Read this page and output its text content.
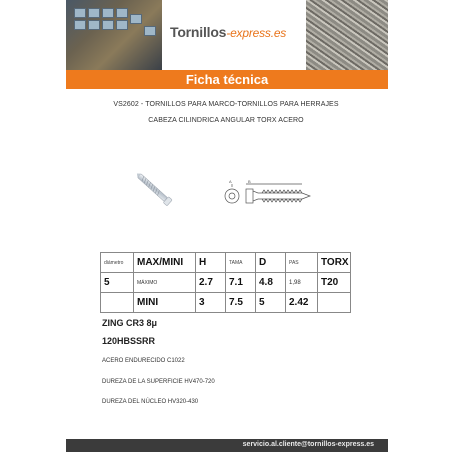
Tornillos-express.es
Ficha técnica
VS2602 - TORNILLOS PARA MARCO-TORNILLOS PARA HERRAJES
CABEZA CILINDRICA ANGULAR TORX ACERO
A	B
diámetro	MAX/MINI	H	TAMA	D	PAS	TORX
5	MÁXIMO	2.7	7.1	4.8	1,98	T20
	MINI	3	7.5	5	2.42	
ZING CR3 8μ
120HBSSRR
ACERO ENDURECIDO C1022
DUREZA DE LA SUPERFICIE HV470-720
DUREZA DEL NÚCLEO HV320-430
servicio.al.cliente@tornillos-express.es
